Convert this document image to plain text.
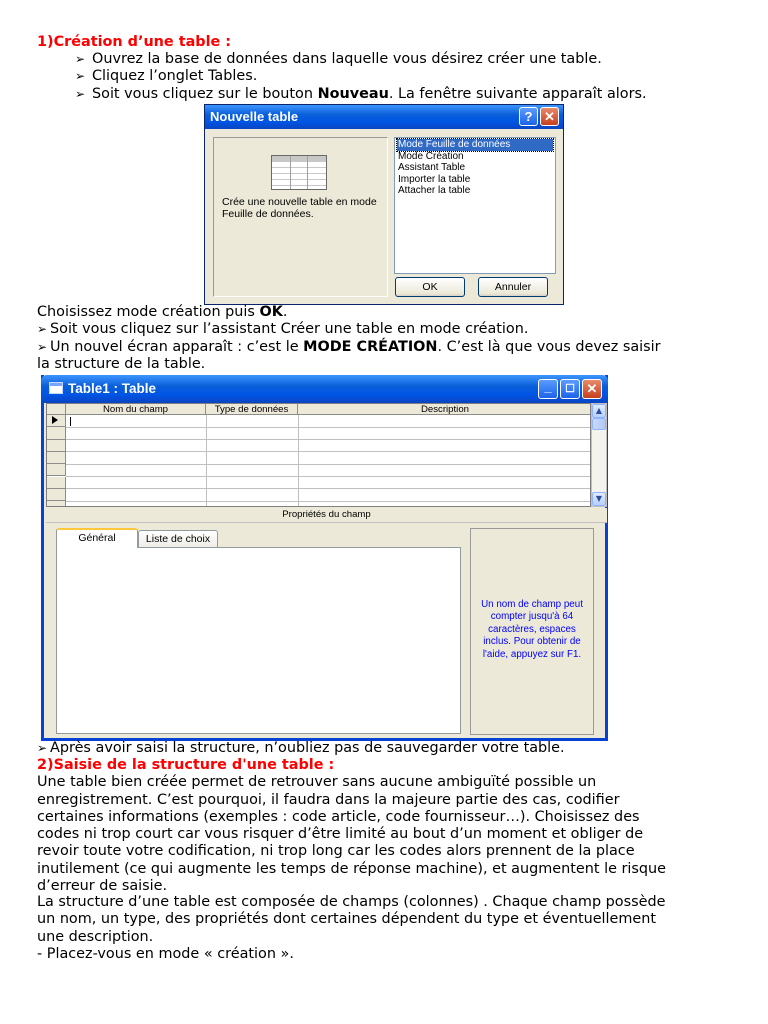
1)Création d’une table :
➢ Ouvrez la base de données dans laquelle vous désirez créer une table.
➢ Cliquez l’onglet Tables.
➢ Soit vous cliquez sur le bouton Nouveau. La fenêtre suivante apparaît alors.
Nouvelle table	? ✕
Crée une nouvelle table en mode Feuille de données.
Mode Feuille de données
Mode Création
Assistant Table
Importer la table
Attacher la table
OK	Annuler
Choisissez mode création puis OK.
➢ Soit vous cliquez sur l’assistant Créer une table en mode création.
➢ Un nouvel écran apparaît : c’est le MODE CRÉATION. C’est là que vous devez saisir
la structure de la table.
Table1 : Table	_	☐ ✕
Nom du champ	Type de données	Description	▲
▼
Propriétés du champ
Général	Liste de choix
Un nom de champ peut compter jusqu'à 64 caractères, espaces inclus. Pour obtenir de l'aide, appuyez sur F1.
➢ Après avoir saisi la structure, n’oubliez pas de sauvegarder votre table.
2)Saisie de la structure d'une table :
Une table bien créée permet de retrouver sans aucune ambiguïté possible un
enregistrement. C’est pourquoi, il faudra dans la majeure partie des cas, codifier
certaines informations (exemples : code article, code fournisseur…). Choisissez des
codes ni trop court car vous risquer d’être limité au bout d’un moment et obliger de
revoir toute votre codification, ni trop long car les codes alors prennent de la place
inutilement (ce qui augmente les temps de réponse machine), et augmentent le risque
d’erreur de saisie.
La structure d’une table est composée de champs (colonnes) . Chaque champ possède
un nom, un type, des propriétés dont certaines dépendent du type et éventuellement
une description.
- Placez-vous en mode « création ».
